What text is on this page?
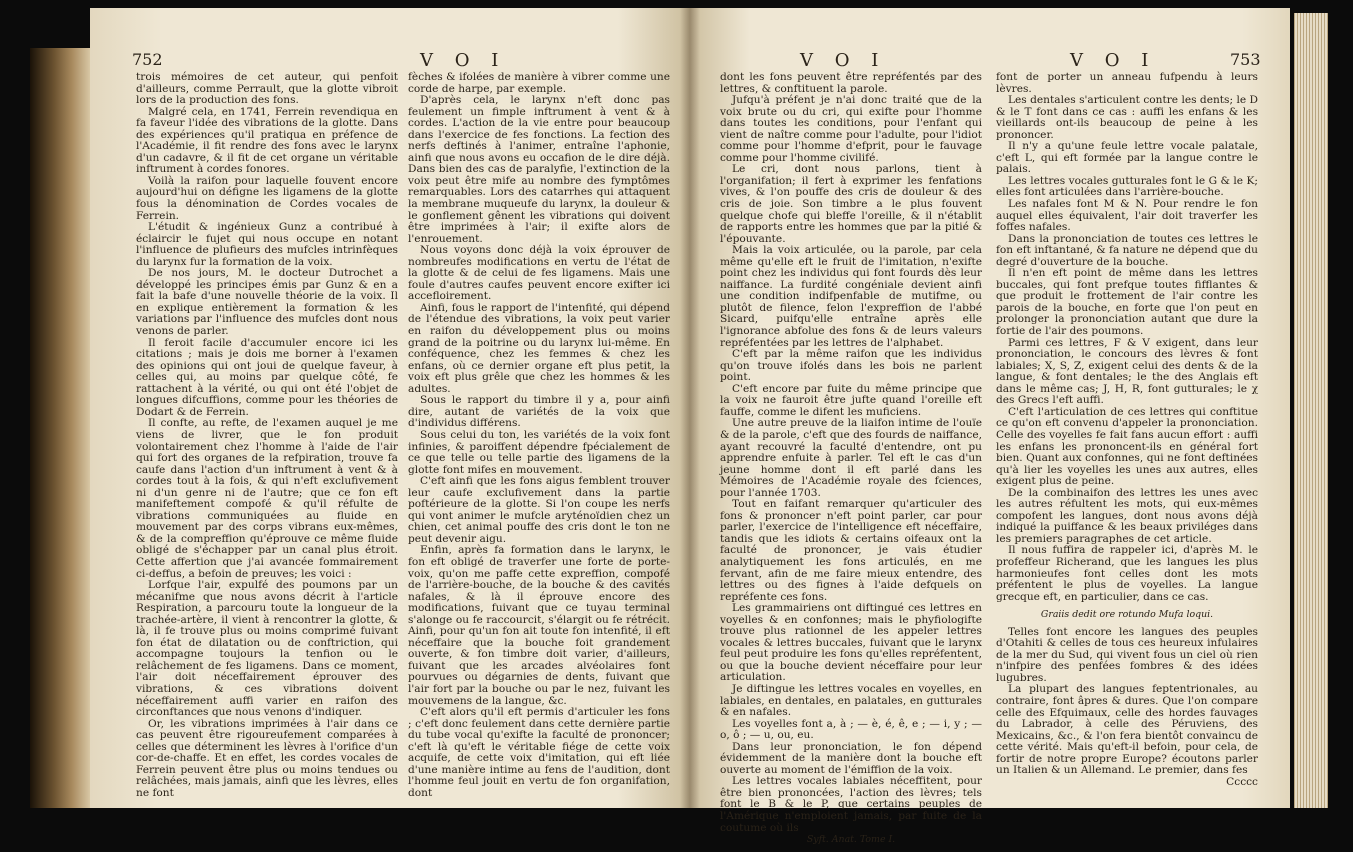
752	V O I

trois mémoires de cet auteur, qui penfoit d'ailleurs, comme Perrault, que la glotte vibroit lors de la production des fons.

Malgré cela, en 1741, Ferrein revendiqua en fa faveur l'idée des vibrations de la glotte. Dans des expériences qu'il pratiqua en préfence de l'Académie, il fit rendre des fons avec le larynx d'un cadavre, & il fit de cet organe un véritable inftrument à cordes fonores.

Voilà la raifon pour laquelle fouvent encore aujourd'hui on défigne les ligamens de la glotte fous la dénomination de Cordes vocales de Ferrein.

L'étudit & ingénieux Gunz a contribué à éclaircir le fujet qui nous occupe en notant l'influence de plufieurs des mufcles intrinfèques du larynx fur la formation de la voix.

De nos jours, M. le docteur Dutrochet a développé les principes émis par Gunz & en a fait la bafe d'une nouvelle théorie de la voix. Il en explique entièrement la formation & les variations par l'influence des mufcles dont nous venons de parler.

Il feroit facile d'accumuler encore ici les citations ; mais je dois me borner à l'examen des opinions qui ont joui de quelque faveur, à celles qui, au moins par quelque côté, fe rattachent à la vérité, ou qui ont été l'objet de longues difcuffions, comme pour les théories de Dodart & de Ferrein.

Il confte, au refte, de l'examen auquel je me viens de livrer, que le fon produit volontairement chez l'homme à l'aide de l'air qui fort des organes de la refpiration, trouve fa caufe dans l'action d'un inftrument à vent & à cordes tout à la fois, & qui n'eft exclufivement ni d'un genre ni de l'autre; que ce fon eft manifeftement compofé & qu'il réfulte de vibrations communiquées au fluide en mouvement par des corps vibrans eux-mêmes, & de la compreffion qu'éprouve ce même fluide obligé de s'échapper par un canal plus étroit. Cette affertion que j'ai avancée fommairement ci-deffus, a befoin de preuves; les voici :

Lorfque l'air, expulfé des poumons par un mécanifme que nous avons décrit à l'article Respiration, a parcouru toute la longueur de la trachée-artère, il vient à rencontrer la glotte, & là, il fe trouve plus ou moins comprimé fuivant fon état de dilatation ou de conftriction, qui accompagne toujours la tenfion ou le relâchement de fes ligamens. Dans ce moment, l'air doit néceffairement éprouver des vibrations, & ces vibrations doivent néceffairement auffi varier en raifon des circonftances que nous venons d'indiquer.

Or, les vibrations imprimées à l'air dans ce cas peuvent être rigoureufement comparées à celles que déterminent les lèvres à l'orifice d'un cor-de-chaffe. Et en effet, les cordes vocales de Ferrein peuvent être plus ou moins tendues ou relâchées, mais jamais, ainfi que les lèvres, elles ne font

fèches & ifolées de manière à vibrer comme une corde de harpe, par exemple.

D'après cela, le larynx n'eft donc pas feulement un fimple inftrument à vent & à cordes. L'action de la vie entre pour beaucoup dans l'exercice de fes fonctions. La fection des nerfs deftinés à l'animer, entraîne l'aphonie, ainfi que nous avons eu occafion de le dire déjà. Dans bien des cas de paralyfie, l'extinction de la voix peut être mife au nombre des fymptômes remarquables. Lors des catarrhes qui attaquent la membrane muqueufe du larynx, la douleur & le gonflement gênent les vibrations qui doivent être imprimées à l'air; il exifte alors de l'enrouement.

Nous voyons donc déjà la voix éprouver de nombreufes modifications en vertu de l'état de la glotte & de celui de fes ligamens. Mais une foule d'autres caufes peuvent encore exifter ici accefloirement.

Ainfi, fous le rapport de l'intenfité, qui dépend de l'étendue des vibrations, la voix peut varier en raifon du développement plus ou moins grand de la poitrine ou du larynx lui-même. En conféquence, chez les femmes & chez les enfans, où ce dernier organe eft plus petit, la voix eft plus grêle que chez les hommes & les adultes.

Sous le rapport du timbre il y a, pour ainfi dire, autant de variétés de la voix que d'individus différens.

Sous celui du ton, les variétés de la voix font infinies, & paroiffent dépendre fpécialement de ce que telle ou telle partie des ligamens de la glotte font mifes en mouvement.

C'eft ainfi que les fons aigus femblent trouver leur caufe exclufivement dans la partie poftérieure de la glotte. Si l'on coupe les nerfs qui vont animer le mufcle aryténoïdien chez un chien, cet animal pouffe des cris dont le ton ne peut devenir aigu.

Enfin, après fa formation dans le larynx, le fon eft obligé de traverfer une forte de porte-voix, qu'on me paffe cette expreffion, compofé de l'arrière-bouche, de la bouche & des cavités nafales, & là il éprouve encore des modifications, fuivant que ce tuyau terminal s'alonge ou fe raccourcit, s'élargit ou fe rétrécit. Ainfi, pour qu'un fon ait toute fon intenfité, il eft néceffaire que la bouche foit grandement ouverte, & fon timbre doit varier, d'ailleurs, fuivant que les arcades alvéolaires font pourvues ou dégarnies de dents, fuivant que l'air fort par la bouche ou par le nez, fuivant les mouvemens de la langue, &c.

C'eft alors qu'il eft permis d'articuler les fons ; c'eft donc feulement dans cette dernière partie du tube vocal qu'exifte la faculté de prononcer; c'eft là qu'eft le véritable fiége de cette voix acquife, de cette voix d'imitation, qui eft liée d'une manière intime au fens de l'audition, dont l'homme feul jouit en vertu de fon organifation, dont

V O I	V O I	753

dont les fons peuvent être repréfentés par des lettres, & conftituent la parole.

Jufqu'à préfent je n'ai donc traité que de la voix brute ou du cri, qui exifte pour l'homme dans toutes les conditions, pour l'enfant qui vient de naître comme pour l'adulte, pour l'idiot comme pour l'homme d'efprit, pour le fauvage comme pour l'homme civilifé.

Le cri, dont nous parlons, tient à l'organifation; il fert à exprimer les fenfations vives, & l'on pouffe des cris de douleur & des cris de joie. Son timbre a le plus fouvent quelque chofe qui bleffe l'oreille, & il n'établit de rapports entre les hommes que par la pitié & l'épouvante.

Mais la voix articulée, ou la parole, par cela même qu'elle eft le fruit de l'imitation, n'exifte point chez les individus qui font fourds dès leur naiffance. La furdité congéniale devient ainfi une condition indifpenfable de mutifme, ou plutôt de filence, felon l'expreffion de l'abbé Sicard, puifqu'elle entraîne après elle l'ignorance abfolue des fons & de leurs valeurs repréfentées par les lettres de l'alphabet.

C'eft par la même raifon que les individus qu'on trouve ifolés dans les bois ne parlent point.

C'eft encore par fuite du même principe que la voix ne fauroit être jufte quand l'oreille eft fauffe, comme le difent les muficiens.

Une autre preuve de la liaifon intime de l'ouïe & de la parole, c'eft que des fourds de naiffance, ayant recouvré la faculté d'entendre, ont pu apprendre enfuite à parler. Tel eft le cas d'un jeune homme dont il eft parlé dans les Mémoires de l'Académie royale des fciences, pour l'année 1703.

Tout en faifant remarquer qu'articuler des fons & prononcer n'eft point parler, car pour parler, l'exercice de l'intelligence eft néceffaire, tandis que les idiots & certains oifeaux ont la faculté de prononcer, je vais étudier analytiquement les fons articulés, en me fervant, afin de me faire mieux entendre, des lettres ou des fignes à l'aide defquels on repréfente ces fons.

Les grammairiens ont diftingué ces lettres en voyelles & en confonnes; mais le phyfiologifte trouve plus rationnel de les appeler lettres vocales & lettres buccales, fuivant que le larynx feul peut produire les fons qu'elles repréfentent, ou que la bouche devient néceffaire pour leur articulation.

Je diftingue les lettres vocales en voyelles, en labiales, en dentales, en palatales, en gutturales & en nafales.

Les voyelles font a, à ; — è, é, ê, e ; — i, y ; — o, ô ; — u, ou, eu.

Dans leur prononciation, le fon dépend évidemment de la manière dont la bouche eft ouverte au moment de l'émiffion de la voix.

Les lettres vocales labiales néceffitent, pour être bien prononcées, l'action des lèvres; tels font le B & le P, que certains peuples de l'Amérique n'emploient jamais, par fuite de la coutume où ils

Syft. Anat. Tome I.

font de porter un anneau fufpendu à leurs lèvres.

Les dentales s'articulent contre les dents; le D & le T font dans ce cas : auffi les enfans & les vieillards ont-ils beaucoup de peine à les prononcer.

Il n'y a qu'une feule lettre vocale palatale, c'eft L, qui eft formée par la langue contre le palais.

Les lettres vocales gutturales font le G & le K; elles font articulées dans l'arrière-bouche.

Les nafales font M & N. Pour rendre le fon auquel elles équivalent, l'air doit traverfer les foffes nafales.

Dans la prononciation de toutes ces lettres le fon eft inftantané, & fa nature ne dépend que du degré d'ouverture de la bouche.

Il n'en eft point de même dans les lettres buccales, qui font prefque toutes fifflantes & que produit le frottement de l'air contre les parois de la bouche, en forte que l'on peut en prolonger la prononciation autant que dure la fortie de l'air des poumons.

Parmi ces lettres, F & V exigent, dans leur prononciation, le concours des lèvres & font labiales; X, S, Z, exigent celui des dents & de la langue, & font dentales; le the des Anglais eft dans le même cas; J, H, R, font gutturales; le χ des Grecs l'eft auffi.

C'eft l'articulation de ces lettres qui conftitue ce qu'on eft convenu d'appeler la prononciation. Celle des voyelles fe fait fans aucun effort : auffi les enfans les prononcent-ils en général fort bien. Quant aux confonnes, qui ne font deftinées qu'à lier les voyelles les unes aux autres, elles exigent plus de peine.

De la combinaifon des lettres les unes avec les autres réfultent les mots, qui eux-mêmes compofent les langues, dont nous avons déjà indiqué la puiffance & les beaux priviléges dans les premiers paragraphes de cet article.

Il nous fuffira de rappeler ici, d'après M. le profeffeur Richerand, que les langues les plus harmonieufes font celles dont les mots préfentent le plus de voyelles. La langue grecque eft, en particulier, dans ce cas.

Graiis dedit ore rotundo Mufa loqui.

Telles font encore les langues des peuples d'Otahiti & celles de tous ces heureux infulaires de la mer du Sud, qui vivent fous un ciel où rien n'infpire des penfées fombres & des idées lugubres.

La plupart des langues feptentrionales, au contraire, font âpres & dures. Que l'on compare celle des Efquimaux, celle des hordes fauvages du Labrador, à celle des Péruviens, des Mexicains, &c., & l'on fera bientôt convaincu de cette vérité. Mais qu'eft-il befoin, pour cela, de fortir de notre propre Europe? écoutons parler un Italien & un Allemand. Le premier, dans fes

Ccccc
